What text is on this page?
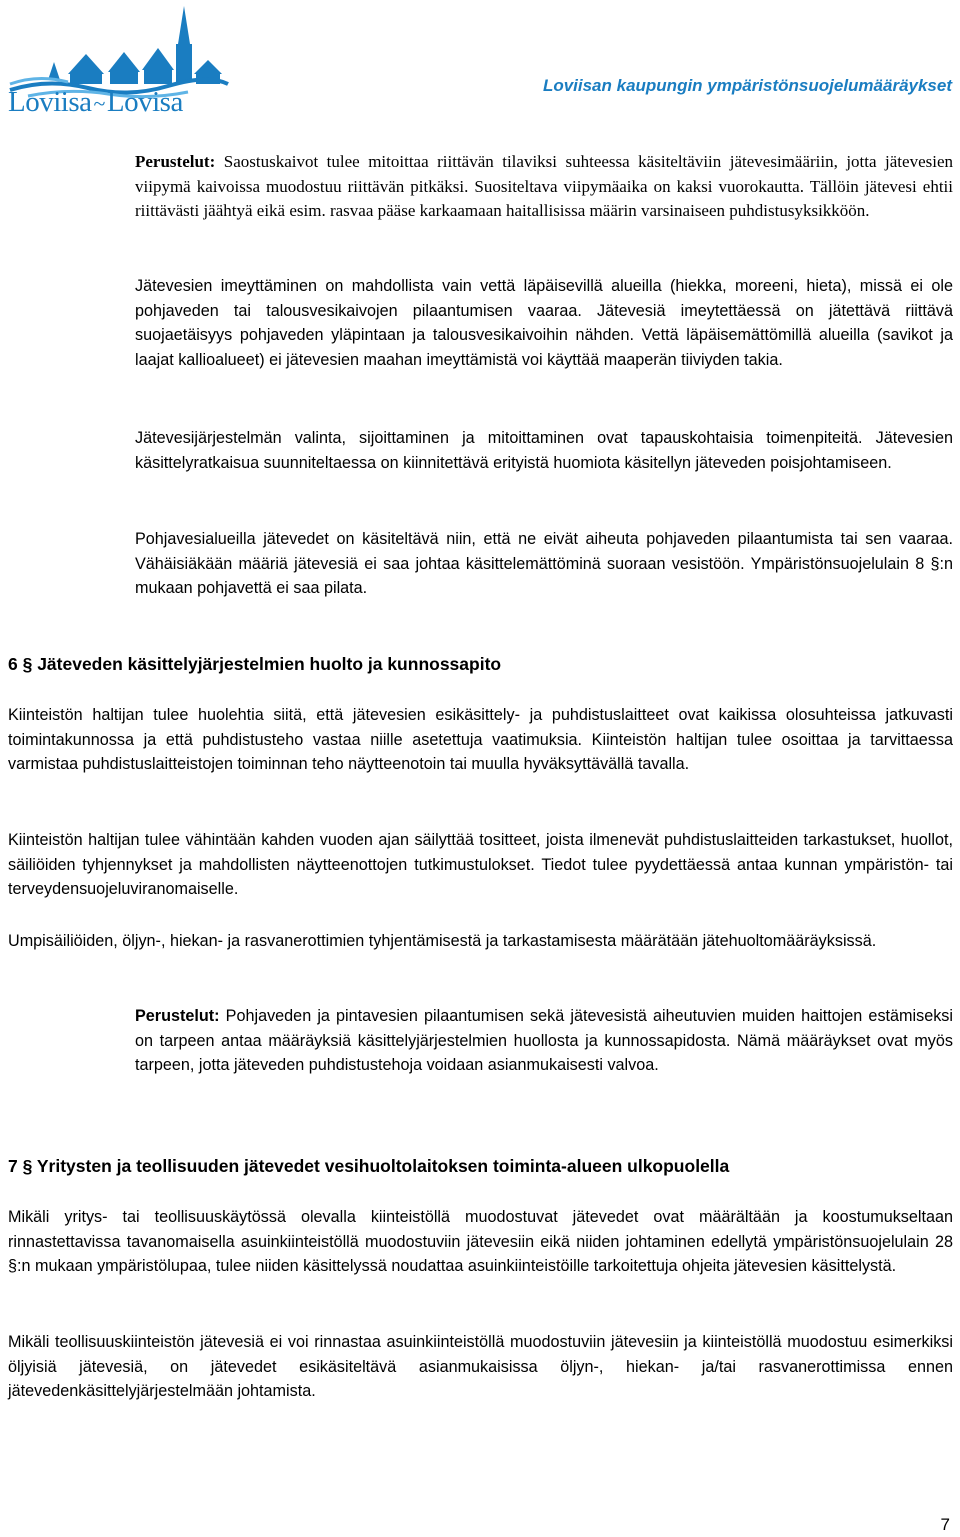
Loviisa~Lovisa
Loviisan kaupungin ympäristönsuojelumääräykset

Perustelut: Saostuskaivot tulee mitoittaa riittävän tilaviksi suhteessa käsiteltäviin jätevesimääriin, jotta jätevesien viipymä kaivoissa muodostuu riittävän pitkäksi. Suositeltava viipymäaika on kaksi vuorokautta. Tällöin jätevesi ehtii riittävästi jäähtyä eikä esim. rasvaa pääse karkaamaan haitallisissa määrin varsinaiseen puhdistusyksikköön.

Jätevesien imeyttäminen on mahdollista vain vettä läpäisevillä alueilla (hiekka, moreeni, hieta), missä ei ole pohjaveden tai talousvesikaivojen pilaantumisen vaaraa. Jätevesiä imeytettäessä on jätettävä riittävä suojaetäisyys pohjaveden yläpintaan ja talousvesikaivoihin nähden. Vettä läpäisemättömillä alueilla (savikot ja laajat kallioalueet) ei jätevesien maahan imeyttämistä voi käyttää maaperän tiiviyden takia.

Jätevesijärjestelmän valinta, sijoittaminen ja mitoittaminen ovat tapauskohtaisia toimenpiteitä. Jätevesien käsittelyratkaisua suunniteltaessa on kiinnitettävä erityistä huomiota käsitellyn jäteveden poisjohtamiseen.

Pohjavesialueilla jätevedet on käsiteltävä niin, että ne eivät aiheuta pohjaveden pilaantumista tai sen vaaraa. Vähäisiäkään määriä jätevesiä ei saa johtaa käsittelemättöminä suoraan vesistöön. Ympäristönsuojelulain 8 §:n mukaan pohjavettä ei saa pilata.

6 § Jäteveden käsittelyjärjestelmien huolto ja kunnossapito

Kiinteistön haltijan tulee huolehtia siitä, että jätevesien esikäsittely- ja puhdistuslaitteet ovat kaikissa olosuhteissa jatkuvasti toimintakunnossa ja että puhdistusteho vastaa niille asetettuja vaatimuksia. Kiinteistön haltijan tulee osoittaa ja tarvittaessa varmistaa puhdistuslaitteistojen toiminnan teho näytteenotoin tai muulla hyväksyttävällä tavalla.

Kiinteistön haltijan tulee vähintään kahden vuoden ajan säilyttää tositteet, joista ilmenevät puhdistuslaitteiden tarkastukset, huollot, säiliöiden tyhjennykset ja mahdollisten näytteenottojen tutkimustulokset. Tiedot tulee pyydettäessä antaa kunnan ympäristön- tai terveydensuojeluviranomaiselle.

Umpisäiliöiden, öljyn-, hiekan- ja rasvanerottimien tyhjentämisestä ja tarkastamisesta määrätään jätehuoltomääräyksissä.

Perustelut: Pohjaveden ja pintavesien pilaantumisen sekä jätevesistä aiheutuvien muiden haittojen estämiseksi on tarpeen antaa määräyksiä käsittelyjärjestelmien huollosta ja kunnossapidosta. Nämä määräykset ovat myös tarpeen, jotta jäteveden puhdistustehoja voidaan asianmukaisesti valvoa.

7 § Yritysten ja teollisuuden jätevedet vesihuoltolaitoksen toiminta-alueen ulkopuolella

Mikäli yritys- tai teollisuuskäytössä olevalla kiinteistöllä muodostuvat jätevedet ovat määrältään ja koostumukseltaan rinnastettavissa tavanomaisella asuinkiinteistöllä muodostuviin jätevesiin eikä niiden johtaminen edellytä ympäristönsuojelulain 28 §:n mukaan ympäristölupaa, tulee niiden käsittelyssä noudattaa asuinkiinteistöille tarkoitettuja ohjeita jätevesien käsittelystä.

Mikäli teollisuuskiinteistön jätevesiä ei voi rinnastaa asuinkiinteistöllä muodostuviin jätevesiin ja kiinteistöllä muodostuu esimerkiksi öljyisiä jätevesiä, on jätevedet esikäsiteltävä asianmukaisissa öljyn-, hiekan- ja/tai rasvanerottimissa ennen jätevedenkäsittelyjärjestelmään johtamista.

7
